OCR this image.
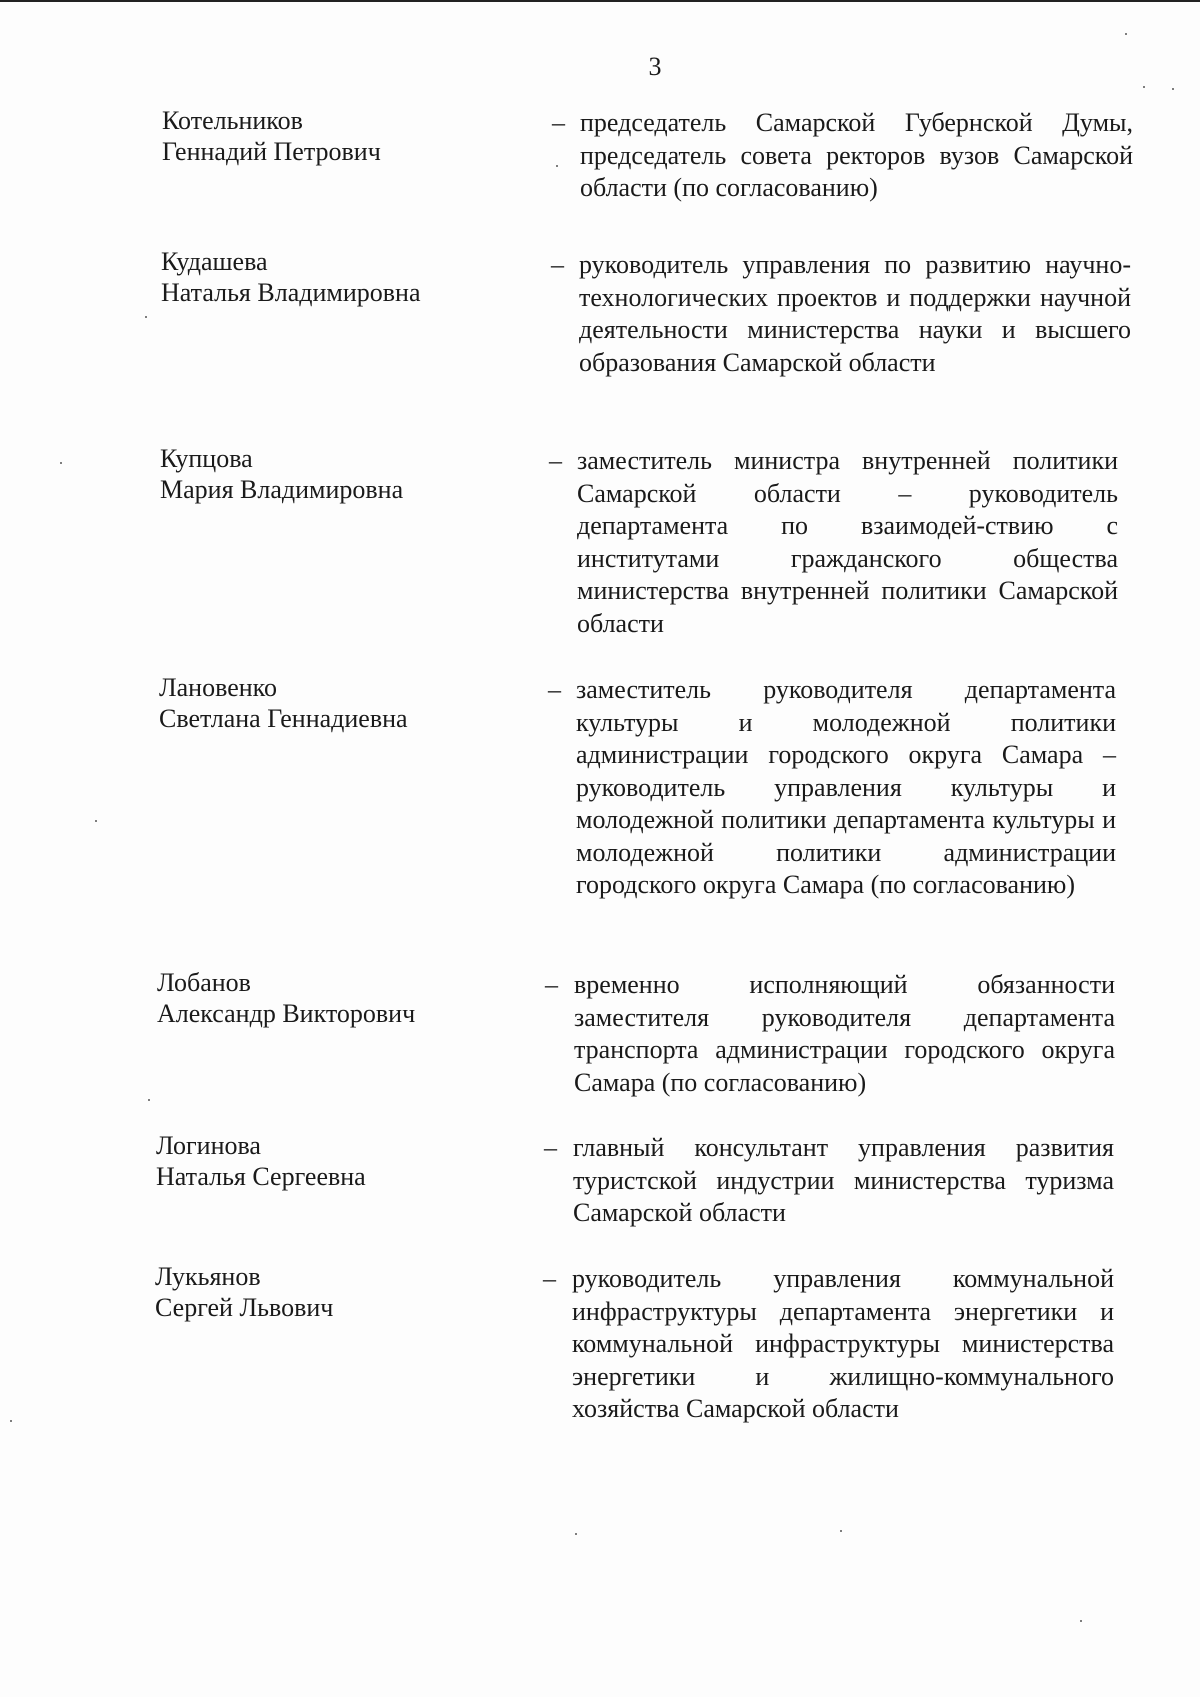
3
Котельников
Геннадий Петрович
– председатель Самарской Губернской Думы, председатель совета ректоров вузов Самарской области (по согласованию)
Кудашева
Наталья Владимировна
– руководитель управления по развитию научно-технологических проектов и поддержки научной деятельности министерства науки и высшего образования Самарской области
Купцова
Мария Владимировна
– заместитель министра внутренней политики Самарской области – руководитель департамента по взаимодей-ствию с институтами гражданского общества министерства внутренней политики Самарской области
Лановенко
Светлана Геннадиевна
– заместитель руководителя департамента культуры и молодежной политики администрации городского округа Самара – руководитель управления культуры и молодежной политики департамента культуры и молодежной политики администрации городского округа Самара (по согласованию)
Лобанов
Александр Викторович
– временно исполняющий обязанности заместителя руководителя департамента транспорта администрации городского округа Самара (по согласованию)
Логинова
Наталья Сергеевна
– главный консультант управления развития туристской индустрии министерства туризма Самарской области
Лукьянов
Сергей Львович
– руководитель управления коммунальной инфраструктуры департамента энергетики и коммунальной инфраструктуры министерства энергетики и жилищно-коммунального хозяйства Самарской области
